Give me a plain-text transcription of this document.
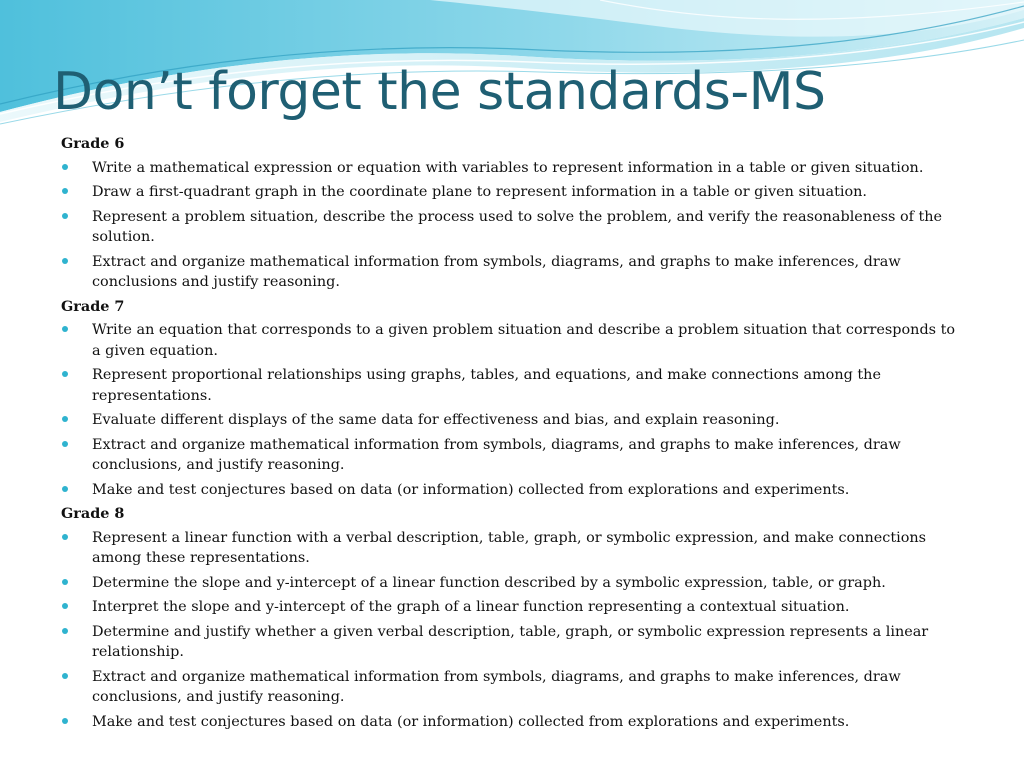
Don’t forget the standards-MS
Grade 6
Write a mathematical expression or equation with variables to represent information in a table or given situation.
Draw a first-quadrant graph in the coordinate plane to represent information in a table or given situation.
Represent a problem situation, describe the process used to solve the problem, and verify the reasonableness of the solution.
Extract and organize mathematical information from symbols, diagrams, and graphs to make inferences, draw conclusions and justify reasoning.
Grade 7
Write an equation that corresponds to a given problem situation and describe a problem situation that corresponds to a given equation.
Represent proportional relationships using graphs, tables, and equations, and make connections among the representations.
Evaluate different displays of the same data for effectiveness and bias, and explain reasoning.
Extract and organize mathematical information from symbols, diagrams, and graphs to make inferences, draw conclusions, and justify reasoning.
Make and test conjectures based on data (or information) collected from explorations and experiments.
Grade 8
Represent a linear function with a verbal description, table, graph, or symbolic expression, and make connections among these representations.
Determine the slope and y-intercept of a linear function described by a symbolic expression, table, or graph.
Interpret the slope and y-intercept of the graph of a linear function representing a contextual situation.
Determine and justify whether a given verbal description, table, graph, or symbolic expression represents a linear relationship.
Extract and organize mathematical information from symbols, diagrams, and graphs to make inferences, draw conclusions, and justify reasoning.
Make and test conjectures based on data (or information) collected from explorations and experiments.
